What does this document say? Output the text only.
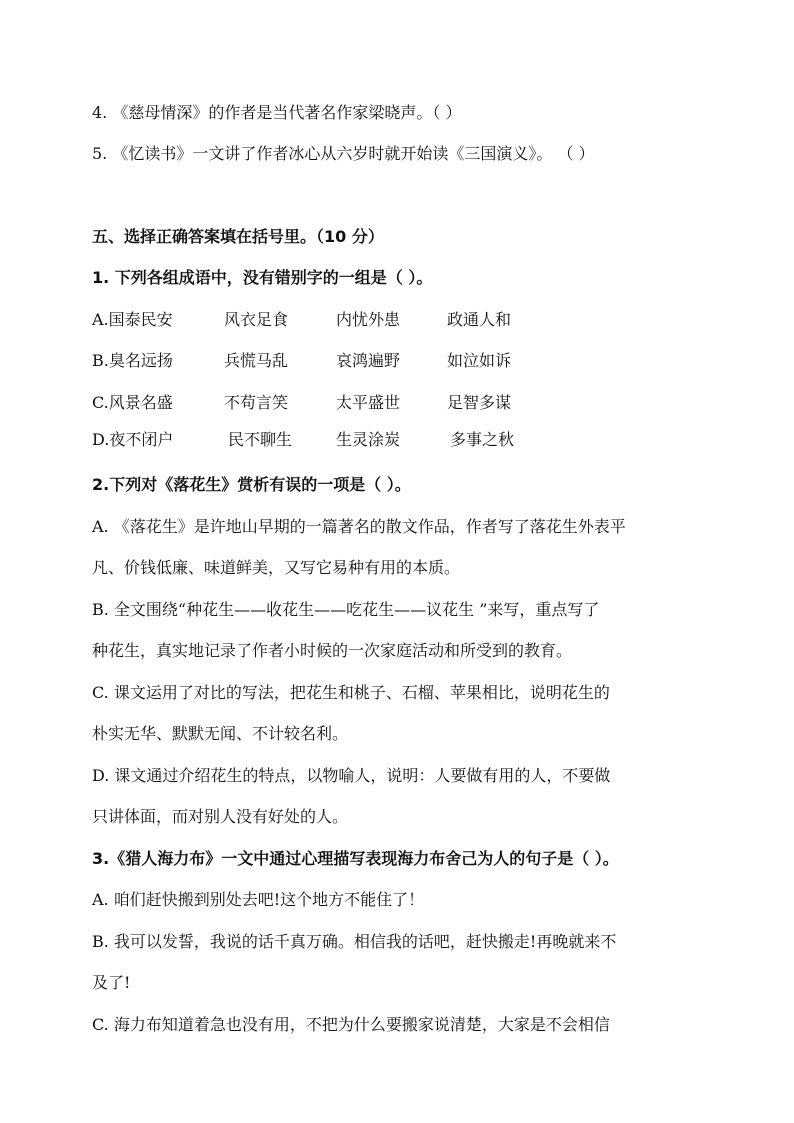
4. 《慈母情深》的作者是当代著名作家梁晓声。（ ）
5. 《忆读书》一文讲了作者冰心从六岁时就开始读《三国演义》。 （ ）
五、选择正确答案填在括号里。（10 分）
1. 下列各组成语中，没有错别字的一组是（ ）。
A.国泰民安	风衣足食	内忧外患	政通人和
B.臭名远扬	兵慌马乱	哀鸿遍野	如泣如诉
C.风景名盛	不苟言笑	太平盛世	足智多谋
D.夜不闭户	民不聊生	生灵涂炭	多事之秋
2.下列对《落花生》赏析有误的一项是（ ）。
A. 《落花生》是许地山早期的一篇著名的散文作品，作者写了落花生外表平
凡、价钱低廉、味道鲜美，又写它易种有用的本质。
B. 全文围绕“种花生——收花生——吃花生——议花生 ”来写，重点写了
种花生，真实地记录了作者小时候的一次家庭活动和所受到的教育。
C. 课文运用了对比的写法，把花生和桃子、石榴、苹果相比，说明花生的
朴实无华、默默无闻、不计较名利。
D. 课文通过介绍花生的特点，以物喻人，说明：人要做有用的人，不要做
只讲体面，而对别人没有好处的人。
3.《猎人海力布》一文中通过心理描写表现海力布舍己为人的句子是（ ）。
A. 咱们赶快搬到别处去吧!这个地方不能住了！
B. 我可以发誓，我说的话千真万确。相信我的话吧，赶快搬走!再晚就来不
及了!
C. 海力布知道着急也没有用，不把为什么要搬家说清楚，大家是不会相信
